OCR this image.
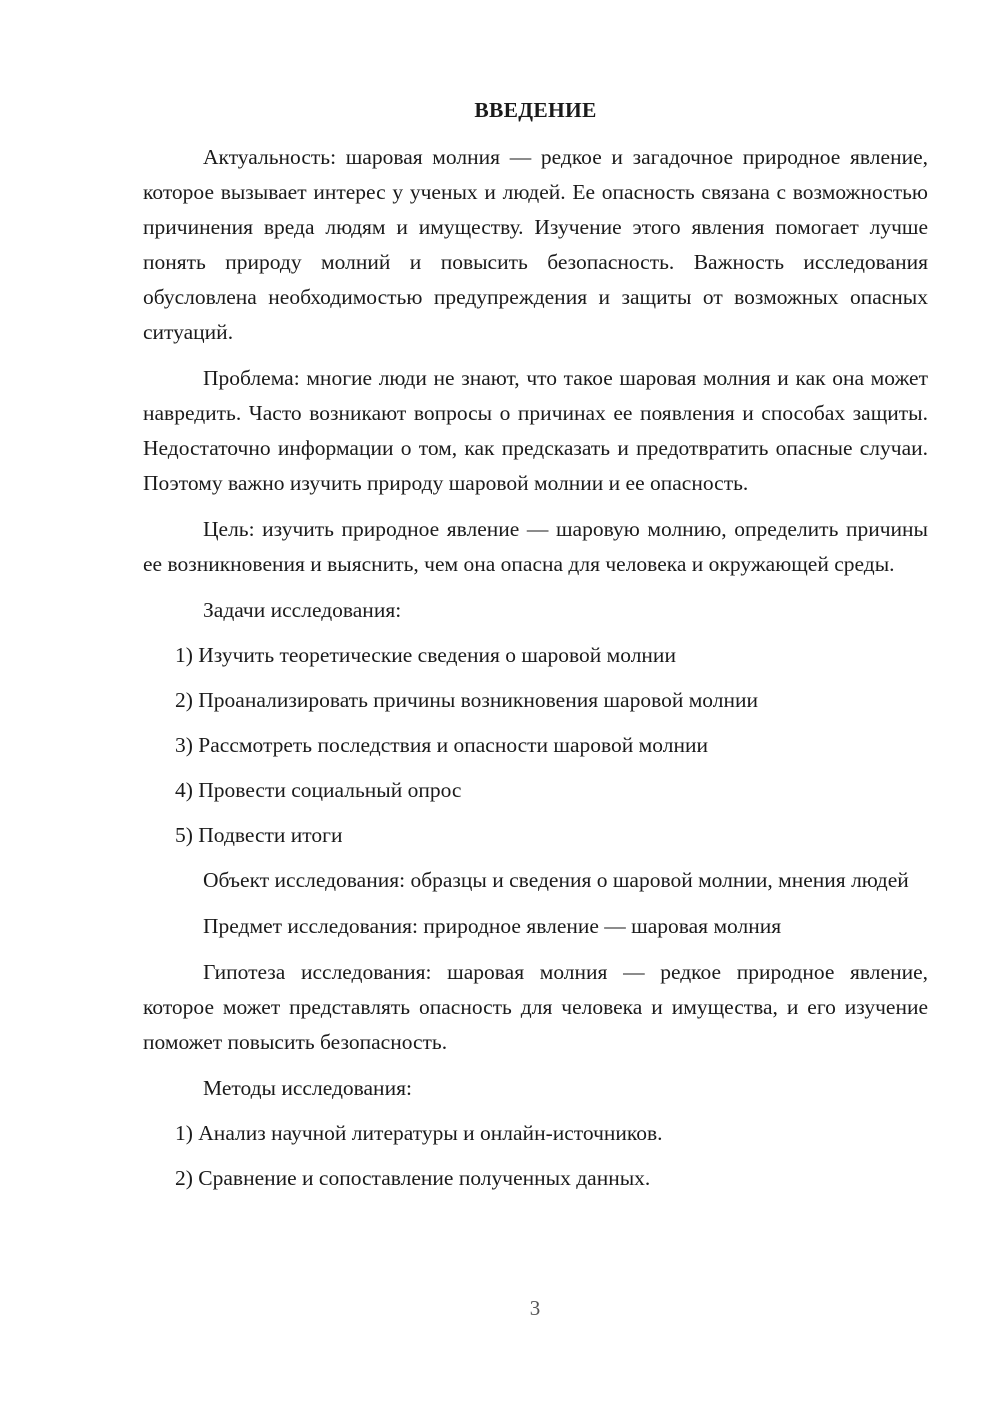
ВВЕДЕНИЕ
Актуальность: шаровая молния — редкое и загадочное природное явление, которое вызывает интерес у ученых и людей. Ее опасность связана с возможностью причинения вреда людям и имуществу. Изучение этого явления помогает лучше понять природу молний и повысить безопасность. Важность исследования обусловлена необходимостью предупреждения и защиты от возможных опасных ситуаций.
Проблема: многие люди не знают, что такое шаровая молния и как она может навредить. Часто возникают вопросы о причинах ее появления и способах защиты. Недостаточно информации о том, как предсказать и предотвратить опасные случаи. Поэтому важно изучить природу шаровой молнии и ее опасность.
Цель: изучить природное явление — шаровую молнию, определить причины ее возникновения и выяснить, чем она опасна для человека и окружающей среды.
Задачи исследования:
1) Изучить теоретические сведения о шаровой молнии
2) Проанализировать причины возникновения шаровой молнии
3) Рассмотреть последствия и опасности шаровой молнии
4) Провести социальный опрос
5) Подвести итоги
Объект исследования: образцы и сведения о шаровой молнии, мнения людей
Предмет исследования: природное явление — шаровая молния
Гипотеза исследования: шаровая молния — редкое природное явление, которое может представлять опасность для человека и имущества, и его изучение поможет повысить безопасность.
Методы исследования:
1) Анализ научной литературы и онлайн-источников.
2) Сравнение и сопоставление полученных данных.
3
